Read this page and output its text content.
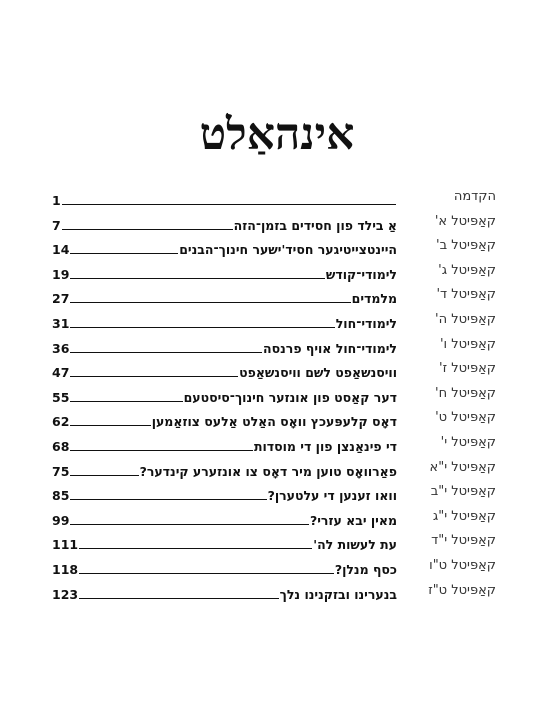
אינהאַלט
הקדמה
1
קאַפּיטל א'
אַ בילד פון חסידים בזמן־הזה
7
קאַפּיטל ב'
היינטצייטיגער חסיד'ישער חינוך־הבנים
14
קאַפּיטל ג'
לימודי־קודש
19
קאַפּיטל ד'
מלמדים
27
קאַפּיטל ה'
לימודי־חול
31
קאַפּיטל ו'
לימודי־חול אויף פרנסה
36
קאַפּיטל ז'
וויסנשאַפט לשם וויסנשאַפט
47
קאַפּיטל ח'
דער קאַסט פון אונזער חינוך־סיסטעם
55
קאַפּיטל ט'
דאָס קלעפּעכץ וואָס האַלט אַלעס צוזאַמען
62
קאַפּיטל י'
די פינאַנצן פון די מוסדות
68
קאַפּיטל י"א
פאַרוואָס טוען מיר דאָס צו אונזערע קינדער?
75
קאַפּיטל י"ב
וואו זענען די עלטערן?
85
קאַפּיטל י"ג
מאין יבא עזרי?
99
קאַפּיטל י"ד
עת לעשות לה'
111
קאַפּיטל ט"ו
כסף מנלן?
118
קאַפּיטל ט"ז
בנערינו ובזקנינו נלך
123
